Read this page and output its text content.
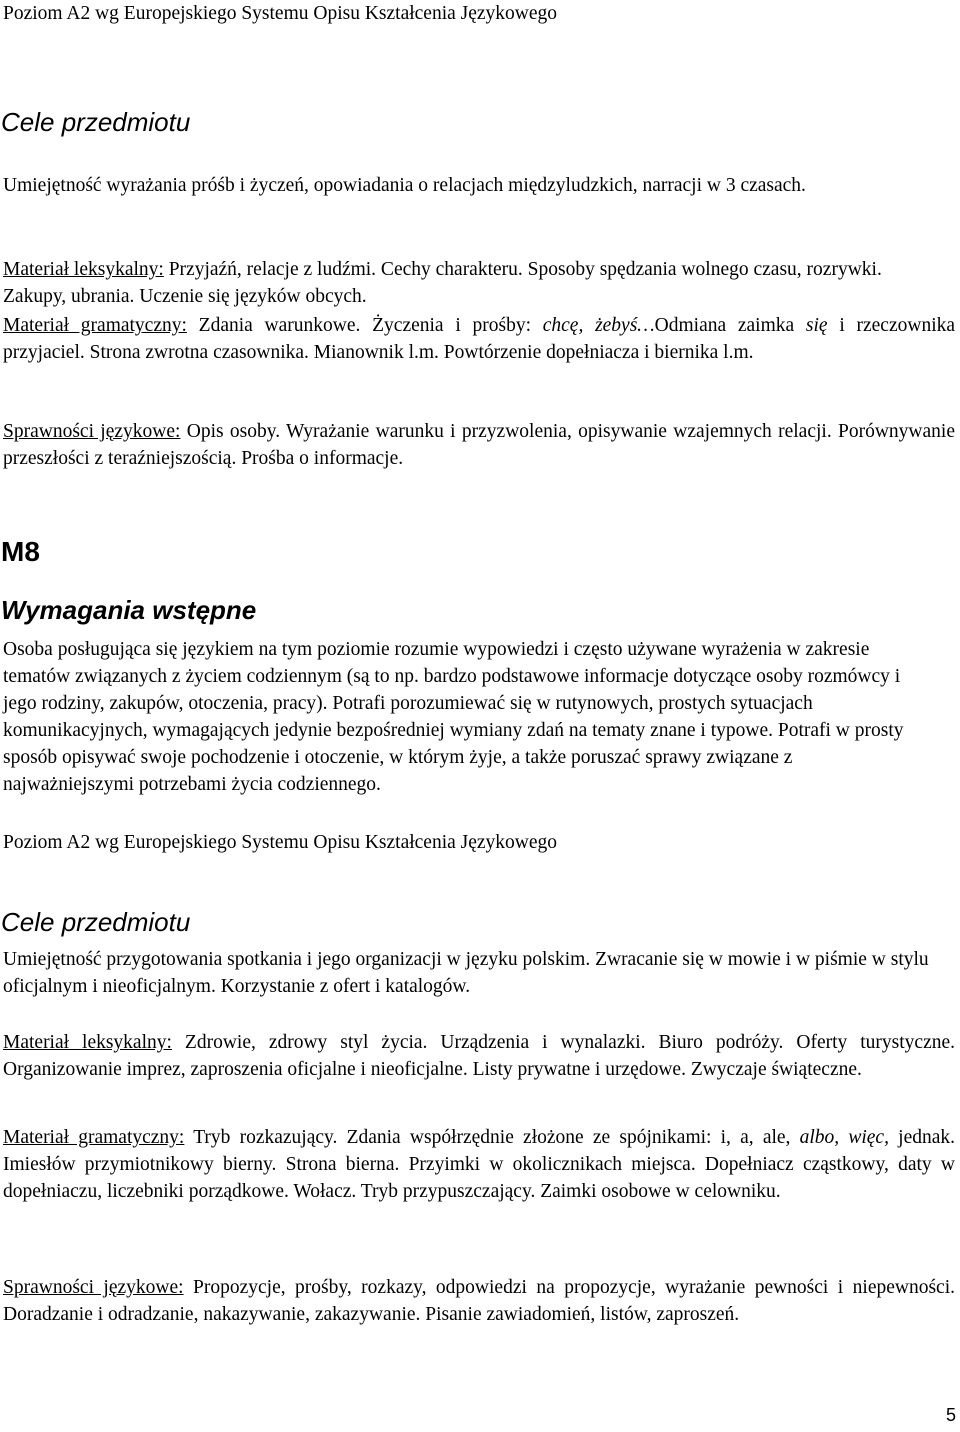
Poziom A2 wg Europejskiego Systemu Opisu Kształcenia Językowego

Cele przedmiotu

Umiejętność wyrażania próśb i życzeń, opowiadania o relacjach międzyludzkich, narracji w 3 czasach.

Materiał leksykalny: Przyjaźń, relacje z ludźmi. Cechy charakteru. Sposoby spędzania wolnego czasu, rozrywki. Zakupy, ubrania. Uczenie się języków obcych.

Materiał gramatyczny: Zdania warunkowe. Życzenia i prośby: chcę, żebyś…Odmiana zaimka się i rzeczownika przyjaciel. Strona zwrotna czasownika. Mianownik l.m. Powtórzenie dopełniacza i biernika l.m.

Sprawności językowe: Opis osoby. Wyrażanie warunku i przyzwolenia, opisywanie wzajemnych relacji. Porównywanie przeszłości z teraźniejszością. Prośba o informacje.

M8
Wymagania wstępne

Osoba posługująca się językiem na tym poziomie rozumie wypowiedzi i często używane wyrażenia w zakresie tematów związanych z życiem codziennym (są to np. bardzo podstawowe informacje dotyczące osoby rozmówcy i jego rodziny, zakupów, otoczenia, pracy). Potrafi porozumiewać się w rutynowych, prostych sytuacjach komunikacyjnych, wymagających jedynie bezpośredniej wymiany zdań na tematy znane i typowe. Potrafi w prosty sposób opisywać swoje pochodzenie i otoczenie, w którym żyje, a także poruszać sprawy związane z najważniejszymi potrzebami życia codziennego.

Poziom A2 wg Europejskiego Systemu Opisu Kształcenia Językowego

Cele przedmiotu

Umiejętność przygotowania spotkania i jego organizacji w języku polskim. Zwracanie się w mowie i w piśmie w stylu oficjalnym i nieoficjalnym. Korzystanie z ofert i katalogów.

Materiał leksykalny: Zdrowie, zdrowy styl życia. Urządzenia i wynalazki. Biuro podróży. Oferty turystyczne. Organizowanie imprez, zaproszenia oficjalne i nieoficjalne. Listy prywatne i urzędowe. Zwyczaje świąteczne.

Materiał gramatyczny: Tryb rozkazujący. Zdania współrzędnie złożone ze spójnikami: i, a, ale, albo, więc, jednak. Imiesłów przymiotnikowy bierny. Strona bierna. Przyimki w okolicznikach miejsca. Dopełniacz cząstkowy, daty w dopełniaczu, liczebniki porządkowe. Wołacz. Tryb przypuszczający. Zaimki osobowe w celowniku.

Sprawności językowe: Propozycje, prośby, rozkazy, odpowiedzi na propozycje, wyrażanie pewności i niepewności. Doradzanie i odradzanie, nakazywanie, zakazywanie. Pisanie zawiadomień, listów, zaproszeń.

5
